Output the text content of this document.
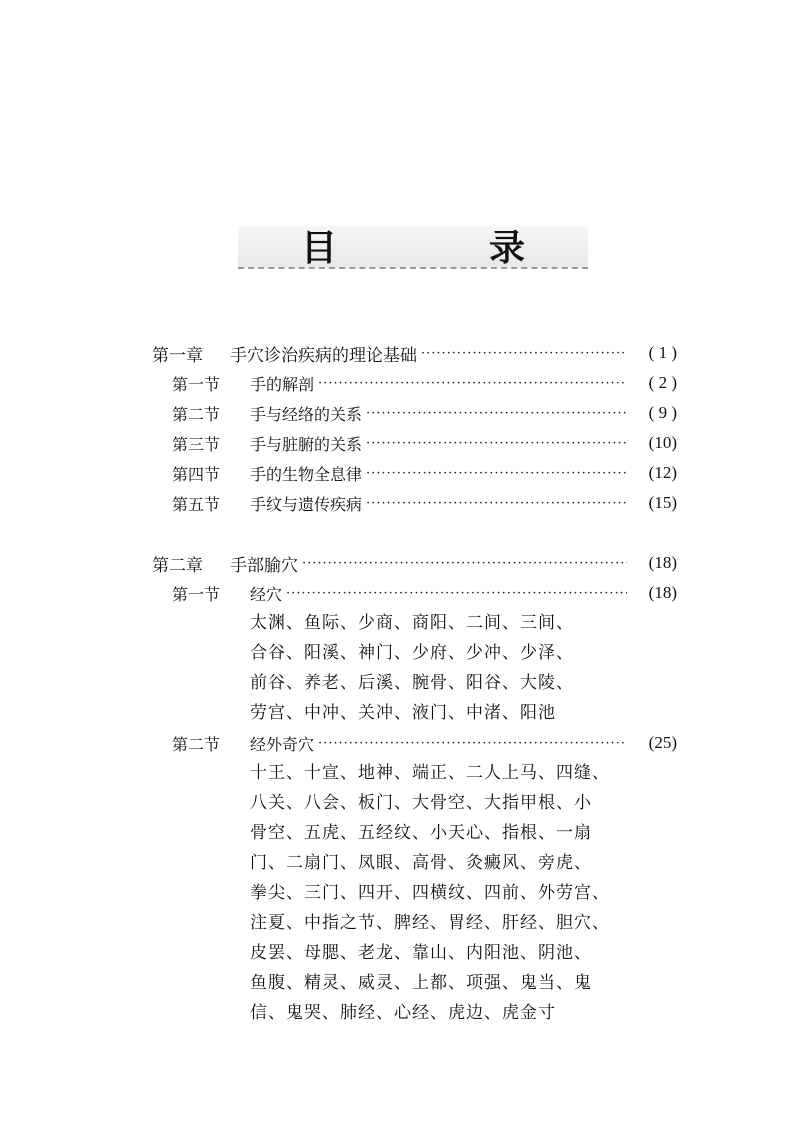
目　录
第一章	手穴诊治疾病的理论基础 ·····	( 1 )
第一节	手的解剖 ·····	( 2 )
第二节	手与经络的关系 ·····	( 9 )
第三节	手与脏腑的关系 ·····	(10)
第四节	手的生物全息律 ·····	(12)
第五节	手纹与遗传疾病 ·····	(15)
第二章	手部腧穴 ·····	(18)
第一节	经穴 ·····	(18)
太渊、鱼际、少商、商阳、二间、三间、
合谷、阳溪、神门、少府、少冲、少泽、
前谷、养老、后溪、腕骨、阳谷、大陵、
劳宫、中冲、关冲、液门、中渚、阳池
第二节	经外奇穴 ·····	(25)
十王、十宣、地神、端正、二人上马、四缝、
八关、八会、板门、大骨空、大指甲根、小
骨空、五虎、五经纹、小天心、指根、一扇
门、二扇门、凤眼、高骨、灸癜风、旁虎、
拳尖、三门、四开、四横纹、四前、外劳宫、
注夏、中指之节、脾经、胃经、肝经、胆穴、
皮罢、母腮、老龙、靠山、内阳池、阴池、
鱼腹、精灵、威灵、上都、项强、鬼当、鬼
信、鬼哭、肺经、心经、虎边、虎金寸
